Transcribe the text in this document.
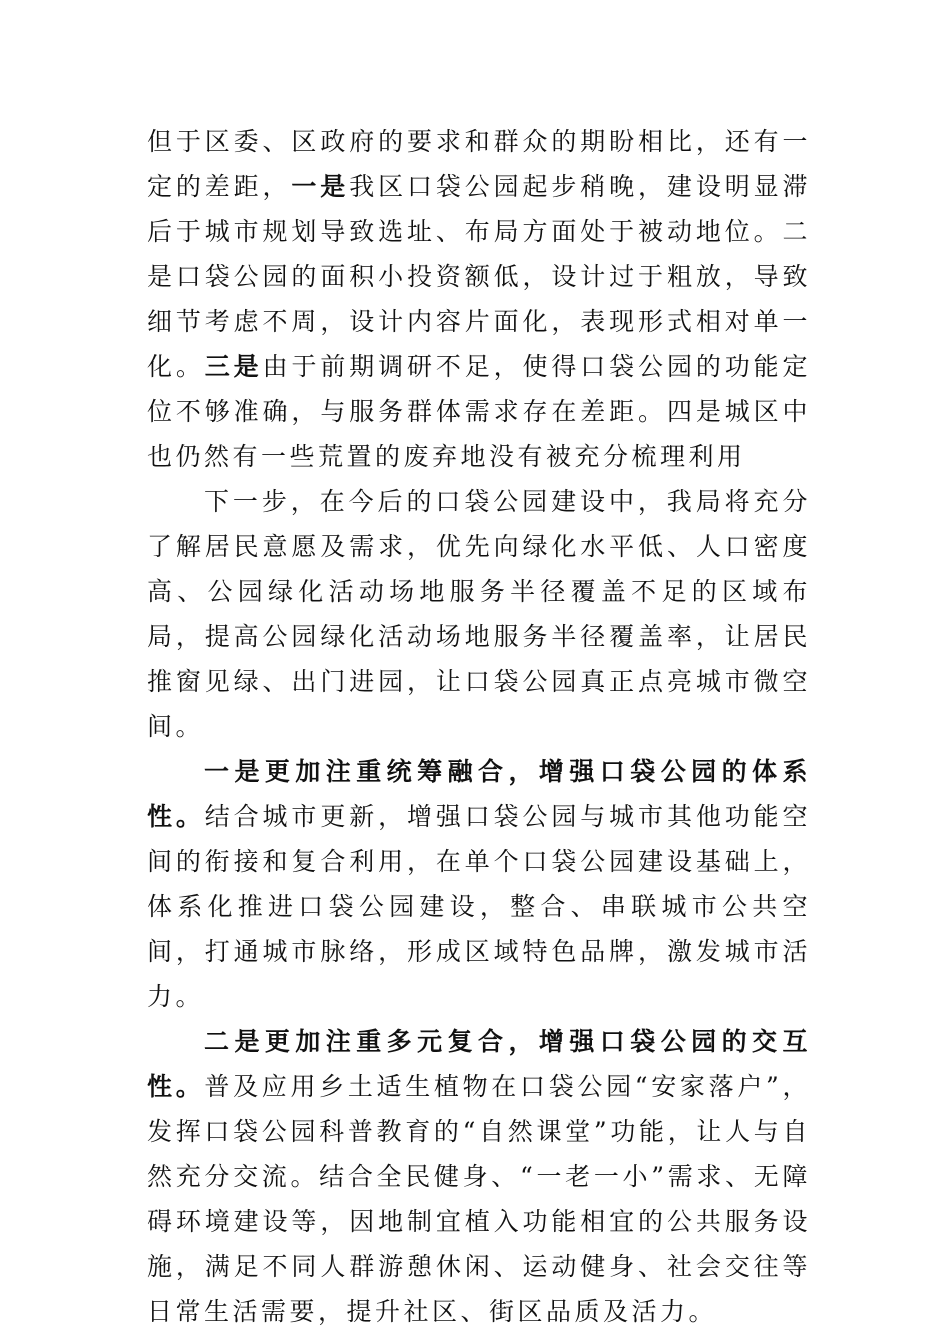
但于区委、区政府的要求和群众的期盼相比，还有一定的差距，一是我区口袋公园起步稍晚，建设明显滞后于城市规划导致选址、布局方面处于被动地位。二是口袋公园的面积小投资额低，设计过于粗放，导致细节考虑不周，设计内容片面化，表现形式相对单一化。三是由于前期调研不足，使得口袋公园的功能定位不够准确，与服务群体需求存在差距。四是城区中也仍然有一些荒置的废弃地没有被充分梳理利用

下一步，在今后的口袋公园建设中，我局将充分了解居民意愿及需求，优先向绿化水平低、人口密度高、公园绿化活动场地服务半径覆盖不足的区域布局，提高公园绿化活动场地服务半径覆盖率，让居民推窗见绿、出门进园，让口袋公园真正点亮城市微空间。

一是更加注重统筹融合，增强口袋公园的体系性。结合城市更新，增强口袋公园与城市其他功能空间的衔接和复合利用，在单个口袋公园建设基础上，体系化推进口袋公园建设，整合、串联城市公共空间，打通城市脉络，形成区域特色品牌，激发城市活力。

二是更加注重多元复合，增强口袋公园的交互性。普及应用乡土适生植物在口袋公园“安家落户”，发挥口袋公园科普教育的“自然课堂”功能，让人与自然充分交流。结合全民健身、“一老一小”需求、无障碍环境建设等，因地制宜植入功能相宜的公共服务设施，满足不同人群游憩休闲、运动健身、社会交往等日常生活需要，提升社区、街区品质及活力。
